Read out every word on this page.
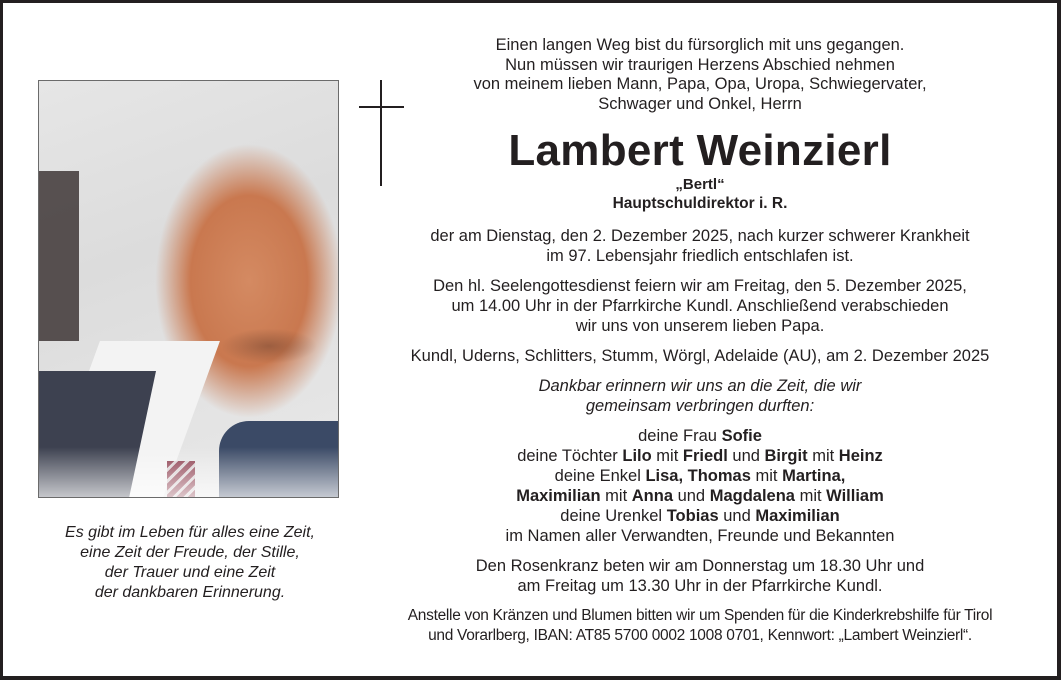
Einen langen Weg bist du fürsorglich mit uns gegangen.

Nun müssen wir traurigen Herzens Abschied nehmen

von meinem lieben Mann, Papa, Opa, Uropa, Schwiegervater,

Schwager und Onkel, Herrn

Lambert Weinzierl

„Bertl“

Hauptschuldirektor i. R.

der am Dienstag, den 2. Dezember 2025, nach kurzer schwerer Krankheit

im 97. Lebensjahr friedlich entschlafen ist.

Den hl. Seelengottesdienst feiern wir am Freitag, den 5. Dezember 2025,

um 14.00 Uhr in der Pfarrkirche Kundl. Anschließend verabschieden

wir uns von unserem lieben Papa.

Kundl, Uderns, Schlitters, Stumm, Wörgl, Adelaide (AU), am 2. Dezember 2025

Dankbar erinnern wir uns an die Zeit, die wir

gemeinsam verbringen durften:

deine Frau Sofie

deine Töchter Lilo mit Friedl und Birgit mit Heinz

deine Enkel Lisa, Thomas mit Martina,

Maximilian mit Anna und Magdalena mit William

deine Urenkel Tobias und Maximilian

im Namen aller Verwandten, Freunde und Bekannten

Den Rosenkranz beten wir am Donnerstag um 18.30 Uhr und

am Freitag um 13.30 Uhr in der Pfarrkirche Kundl.

Anstelle von Kränzen und Blumen bitten wir um Spenden für die Kinderkrebshilfe für Tirol

und Vorarlberg, IBAN: AT85 5700 0002 1008 0701, Kennwort: „Lambert Weinzierl“.

Es gibt im Leben für alles eine Zeit,

eine Zeit der Freude, der Stille,

der Trauer und eine Zeit

der dankbaren Erinnerung.
